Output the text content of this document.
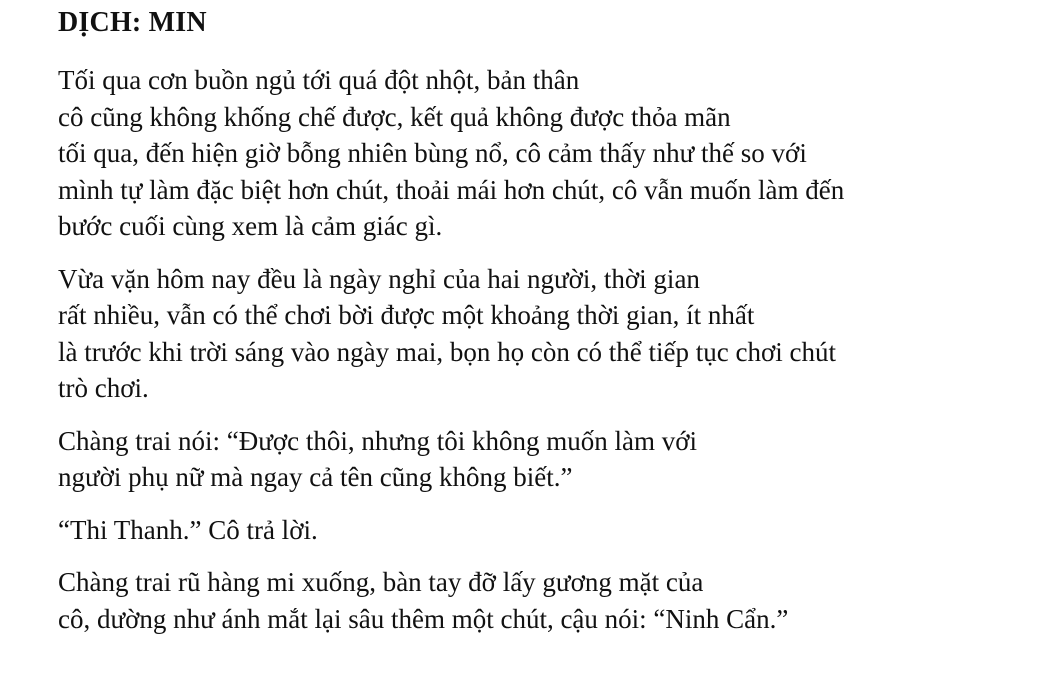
DỊCH: MIN
Tối qua cơn buồn ngủ tới quá đột nhột, bản thân
cô cũng không khống chế được, kết quả không được thỏa mãn
tối qua, đến hiện giờ bỗng nhiên bùng nổ, cô cảm thấy như thế so với
mình tự làm đặc biệt hơn chút, thoải mái hơn chút, cô vẫn muốn làm đến
bước cuối cùng xem là cảm giác gì.
Vừa vặn hôm nay đều là ngày nghỉ của hai người, thời gian
rất nhiều, vẫn có thể chơi bời được một khoảng thời gian, ít nhất
là trước khi trời sáng vào ngày mai, bọn họ còn có thể tiếp tục chơi chút
trò chơi.
Chàng trai nói: “Được thôi, nhưng tôi không muốn làm với
người phụ nữ mà ngay cả tên cũng không biết.”
“Thi Thanh.” Cô trả lời.
Chàng trai rũ hàng mi xuống, bàn tay đỡ lấy gương mặt của
cô, dường như ánh mắt lại sâu thêm một chút, cậu nói: “Ninh Cẩn.”
